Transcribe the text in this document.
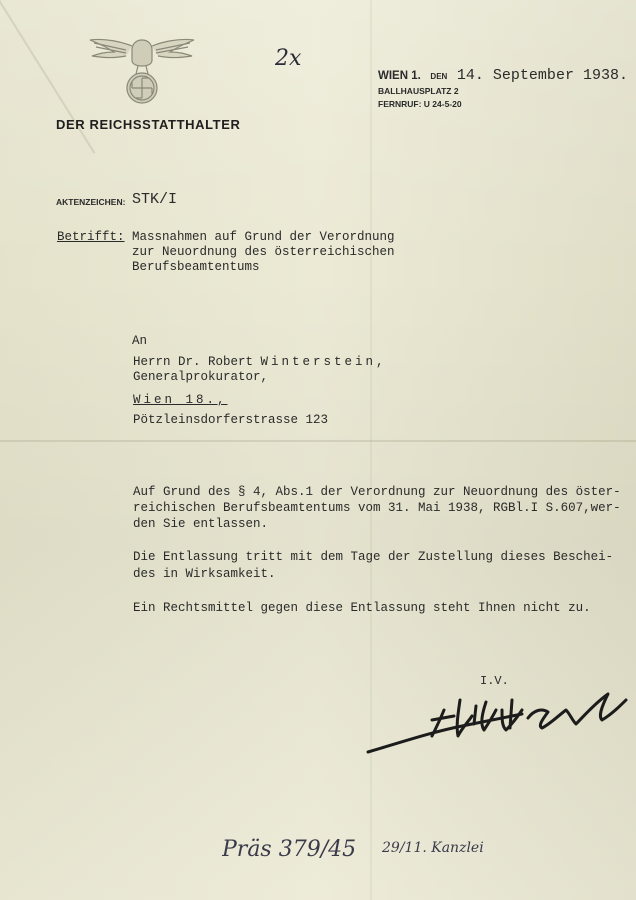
DER REICHSSTATTHALTER
2x
WIEN 1. DEN 14. September 1938.
BALLHAUSPLATZ 2
FERNRUF: U 24-5-20
AKTENZEICHEN: STK/I
Betrifft: Massnahmen auf Grund der Verordnung
zur Neuordnung des österreichischen
Berufsbeamtentums
An
Herrn Dr. Robert Winterstein,
Generalprokurator,
Wien 18.,
Pötzleinsdorferstrasse 123
Auf Grund des § 4, Abs.1 der Verordnung zur Neuordnung des öster-
reichischen Berufsbeamtentums vom 31. Mai 1938, RGBl.I S.607,wer-
den Sie entlassen.
Die Entlassung tritt mit dem Tage der Zustellung dieses Beschei-
des in Wirksamkeit.
Ein Rechtsmittel gegen diese Entlassung steht Ihnen nicht zu.
I.V.
Präs 379/45 29/11. Kanzlei
